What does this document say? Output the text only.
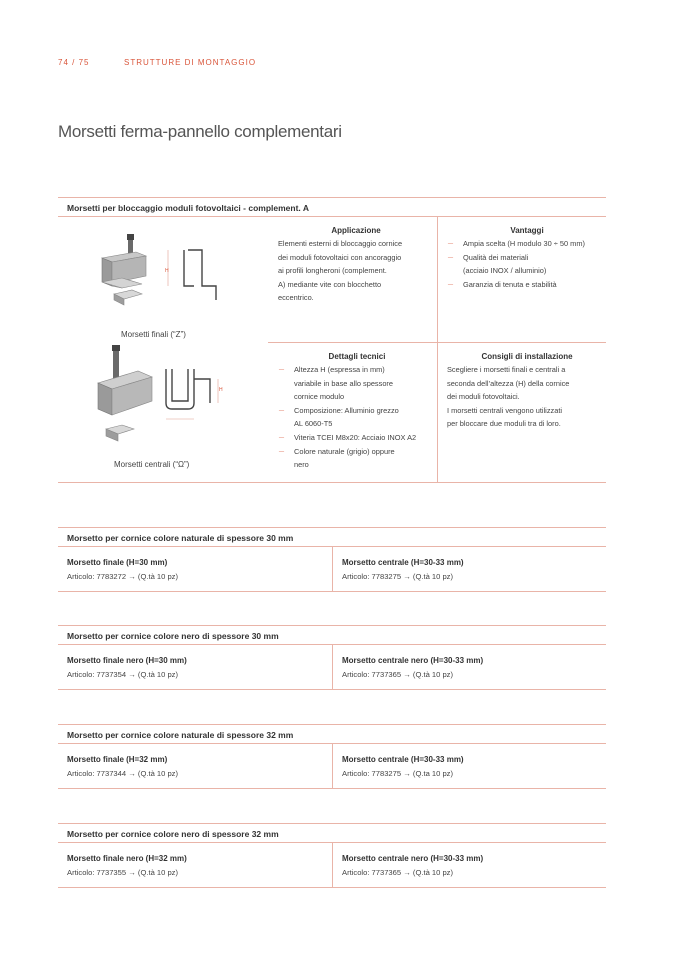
74 / 75	STRUTTURE DI MONTAGGIO
Morsetti ferma-pannello complementari
Morsetti per bloccaggio moduli fotovoltaici - complement. A
H
Morsetti finali (“Z”)
H
Morsetti centrali (“Ω”)
Applicazione
Elementi esterni di bloccaggio cornice
dei moduli fotovoltaici con ancoraggio
ai profili longheroni (complement.
A) mediante vite con blocchetto
eccentrico.
Vantaggi
_ Ampia scelta (H modulo 30 ÷ 50 mm)
_ Qualità dei materiali
(acciaio INOX / alluminio)
_ Garanzia di tenuta e stabilità
Dettagli tecnici
_ Altezza H (espressa in mm)
variabile in base allo spessore
cornice modulo
_ Composizione: Alluminio grezzo
AL 6060-T5
_ Viteria TCEI M8x20: Acciaio INOX A2
_ Colore naturale (grigio) oppure
nero
Consigli di installazione
Scegliere i morsetti finali e centrali a
seconda dell’altezza (H) della cornice
dei moduli fotovoltaici.
I morsetti centrali vengono utilizzati
per bloccare due moduli tra di loro.
Morsetto per cornice colore naturale di spessore 30 mm
Morsetto finale (H=30 mm)
Articolo: 7783272 → (Q.tà 10 pz)
Morsetto centrale (H=30-33 mm)
Articolo: 7783275 → (Q.tà 10 pz)
Morsetto per cornice colore nero di spessore 30 mm
Morsetto finale nero (H=30 mm)
Articolo: 7737354 → (Q.tà 10 pz)
Morsetto centrale nero (H=30-33 mm)
Articolo: 7737365 → (Q.tà 10 pz)
Morsetto per cornice colore naturale di spessore 32 mm
Morsetto finale (H=32 mm)
Articolo: 7737344 → (Q.tà 10 pz)
Morsetto centrale (H=30-33 mm)
Articolo: 7783275 → (Q.ta 10 pz)
Morsetto per cornice colore nero di spessore 32 mm
Morsetto finale nero (H=32 mm)
Articolo: 7737355 → (Q.tà 10 pz)
Morsetto centrale nero (H=30-33 mm)
Articolo: 7737365 → (Q.tà 10 pz)
